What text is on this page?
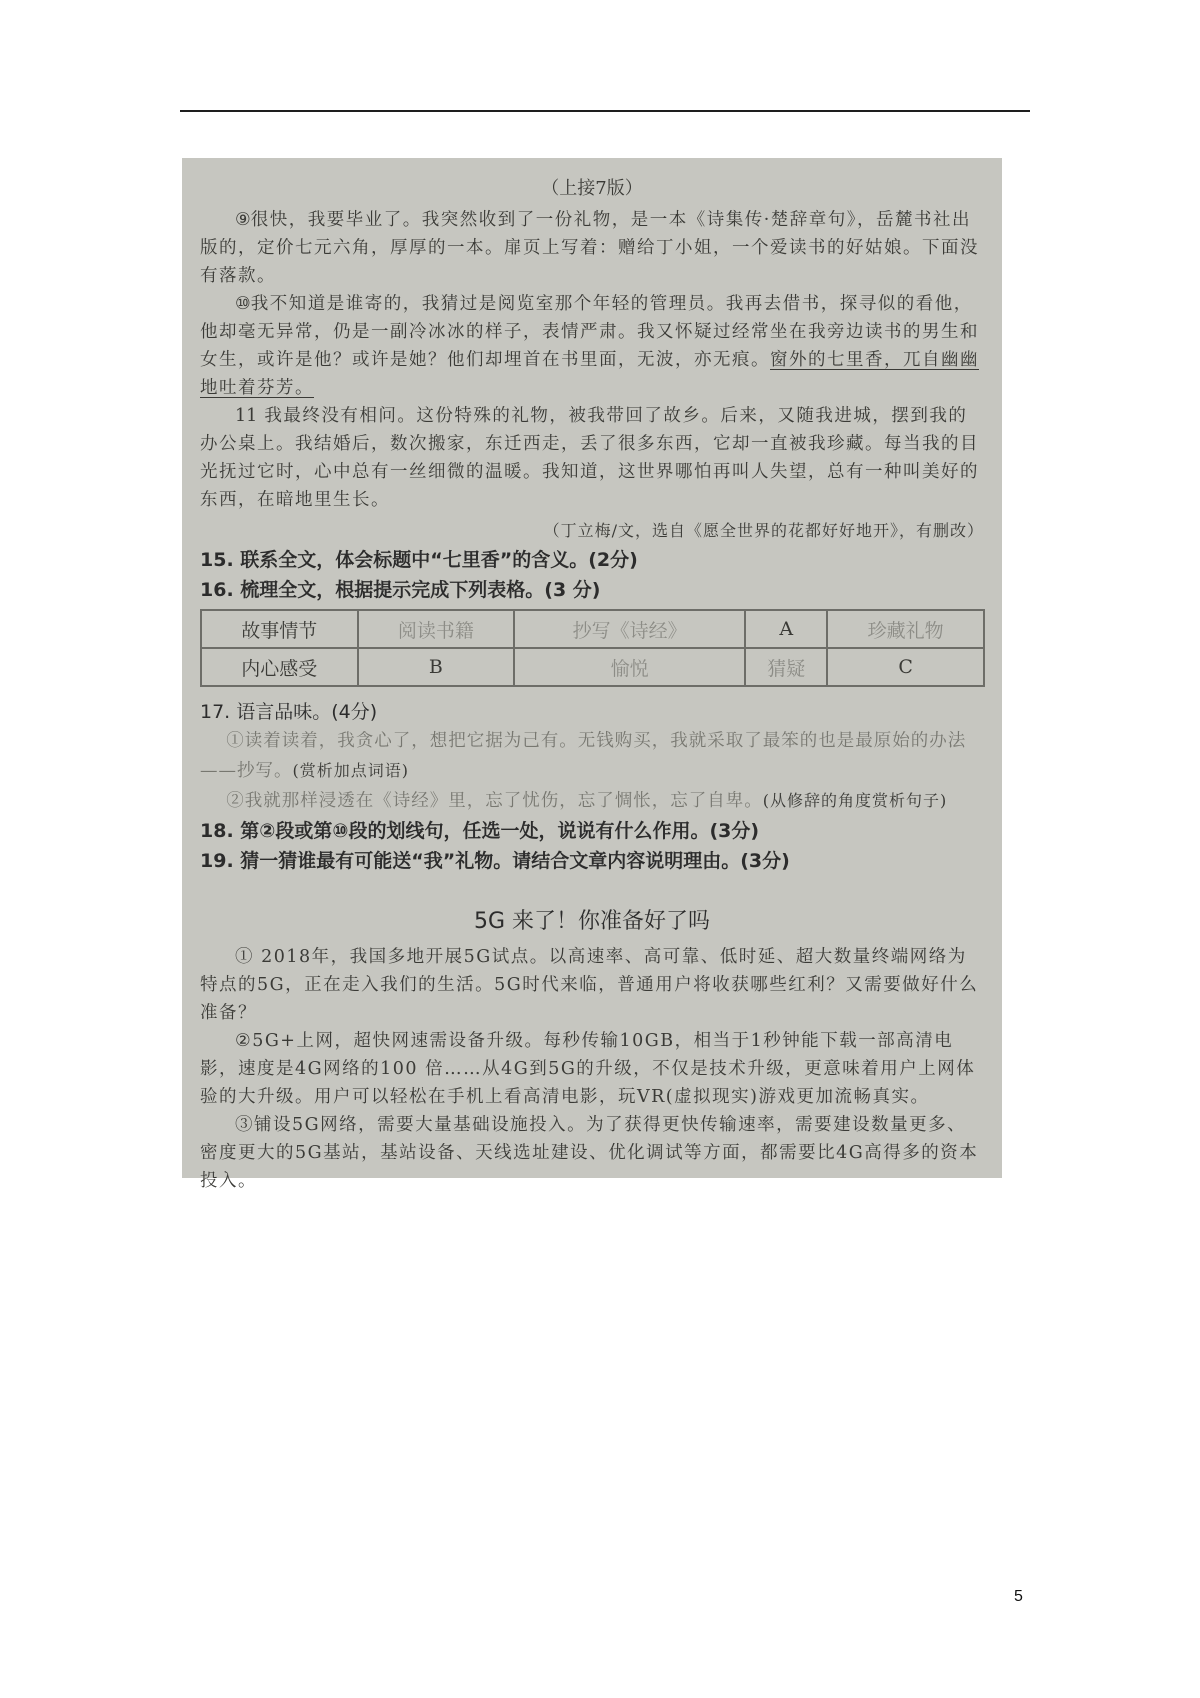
（上接7版）

⑨很快，我要毕业了。我突然收到了一份礼物，是一本《诗集传·楚辞章句》，岳麓书社出版的，定价七元六角，厚厚的一本。扉页上写着：赠给丁小姐，一个爱读书的好姑娘。下面没有落款。

⑩我不知道是谁寄的，我猜过是阅览室那个年轻的管理员。我再去借书，探寻似的看他，他却毫无异常，仍是一副冷冰冰的样子，表情严肃。我又怀疑过经常坐在我旁边读书的男生和女生，或许是他？或许是她？他们却埋首在书里面，无波，亦无痕。窗外的七里香，兀自幽幽地吐着芬芳。

11 我最终没有相问。这份特殊的礼物，被我带回了故乡。后来，又随我进城，摆到我的办公桌上。我结婚后，数次搬家，东迁西走，丢了很多东西，它却一直被我珍藏。每当我的目光抚过它时，心中总有一丝细微的温暖。我知道，这世界哪怕再叫人失望，总有一种叫美好的东西，在暗地里生长。

（丁立梅/文，选自《愿全世界的花都好好地开》，有删改）

15. 联系全文，体会标题中“七里香”的含义。(2分)

16. 梳理全文，根据提示完成下列表格。(3 分)

故事情节	阅读书籍	抄写《诗经》	A	珍藏礼物
内心感受	B	愉悦	猜疑	C

17. 语言品味。(4分)

①读着读着，我贪心了，想把它据为己有。无钱购买，我就采取了最笨的也是最原始的办法——抄写。(赏析加点词语)

②我就那样浸透在《诗经》里，忘了忧伤，忘了惆怅，忘了自卑。(从修辞的角度赏析句子)

18. 第②段或第⑩段的划线句，任选一处，说说有什么作用。(3分)

19. 猜一猜谁最有可能送“我”礼物。请结合文章内容说明理由。(3分)

5G 来了！你准备好了吗

① 2018年，我国多地开展5G试点。以高速率、高可靠、低时延、超大数量终端网络为特点的5G，正在走入我们的生活。5G时代来临，普通用户将收获哪些红利？又需要做好什么准备？

②5G+上网，超快网速需设备升级。每秒传输10GB，相当于1秒钟能下载一部高清电影，速度是4G网络的100 倍……从4G到5G的升级，不仅是技术升级，更意味着用户上网体验的大升级。用户可以轻松在手机上看高清电影，玩VR(虚拟现实)游戏更加流畅真实。

③铺设5G网络，需要大量基础设施投入。为了获得更快传输速率，需要建设数量更多、密度更大的5G基站，基站设备、天线选址建设、优化调试等方面，都需要比4G高得多的资本投入。

5
